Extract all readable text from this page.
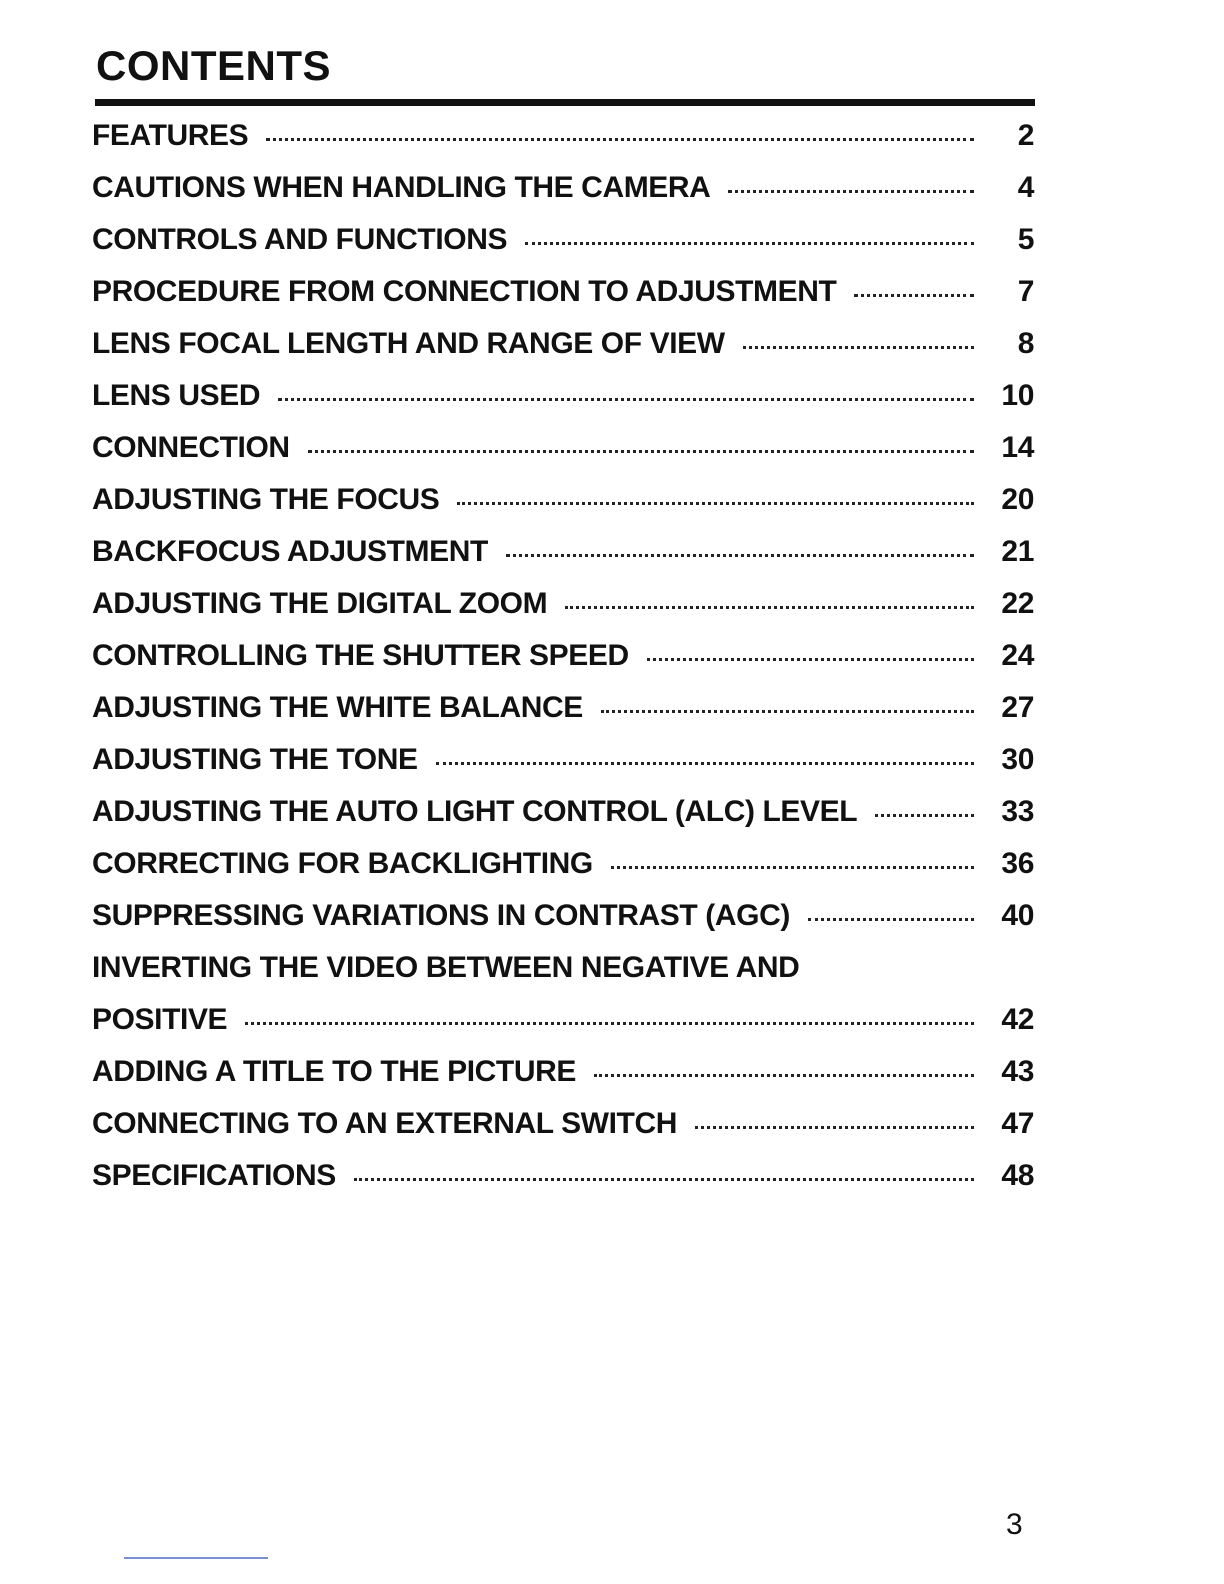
CONTENTS
FEATURES	2
CAUTIONS WHEN HANDLING THE CAMERA	4
CONTROLS AND FUNCTIONS	5
PROCEDURE FROM CONNECTION TO ADJUSTMENT	7
LENS FOCAL LENGTH AND RANGE OF VIEW	8
LENS USED	10
CONNECTION	14
ADJUSTING THE FOCUS	20
BACKFOCUS ADJUSTMENT	21
ADJUSTING THE DIGITAL ZOOM	22
CONTROLLING THE SHUTTER SPEED	24
ADJUSTING THE WHITE BALANCE	27
ADJUSTING THE TONE	30
ADJUSTING THE AUTO LIGHT CONTROL (ALC) LEVEL	33
CORRECTING FOR BACKLIGHTING	36
SUPPRESSING VARIATIONS IN CONTRAST (AGC)	40
INVERTING THE VIDEO BETWEEN NEGATIVE AND
POSITIVE	42
ADDING A TITLE TO THE PICTURE	43
CONNECTING TO AN EXTERNAL SWITCH	47
SPECIFICATIONS	48
3
